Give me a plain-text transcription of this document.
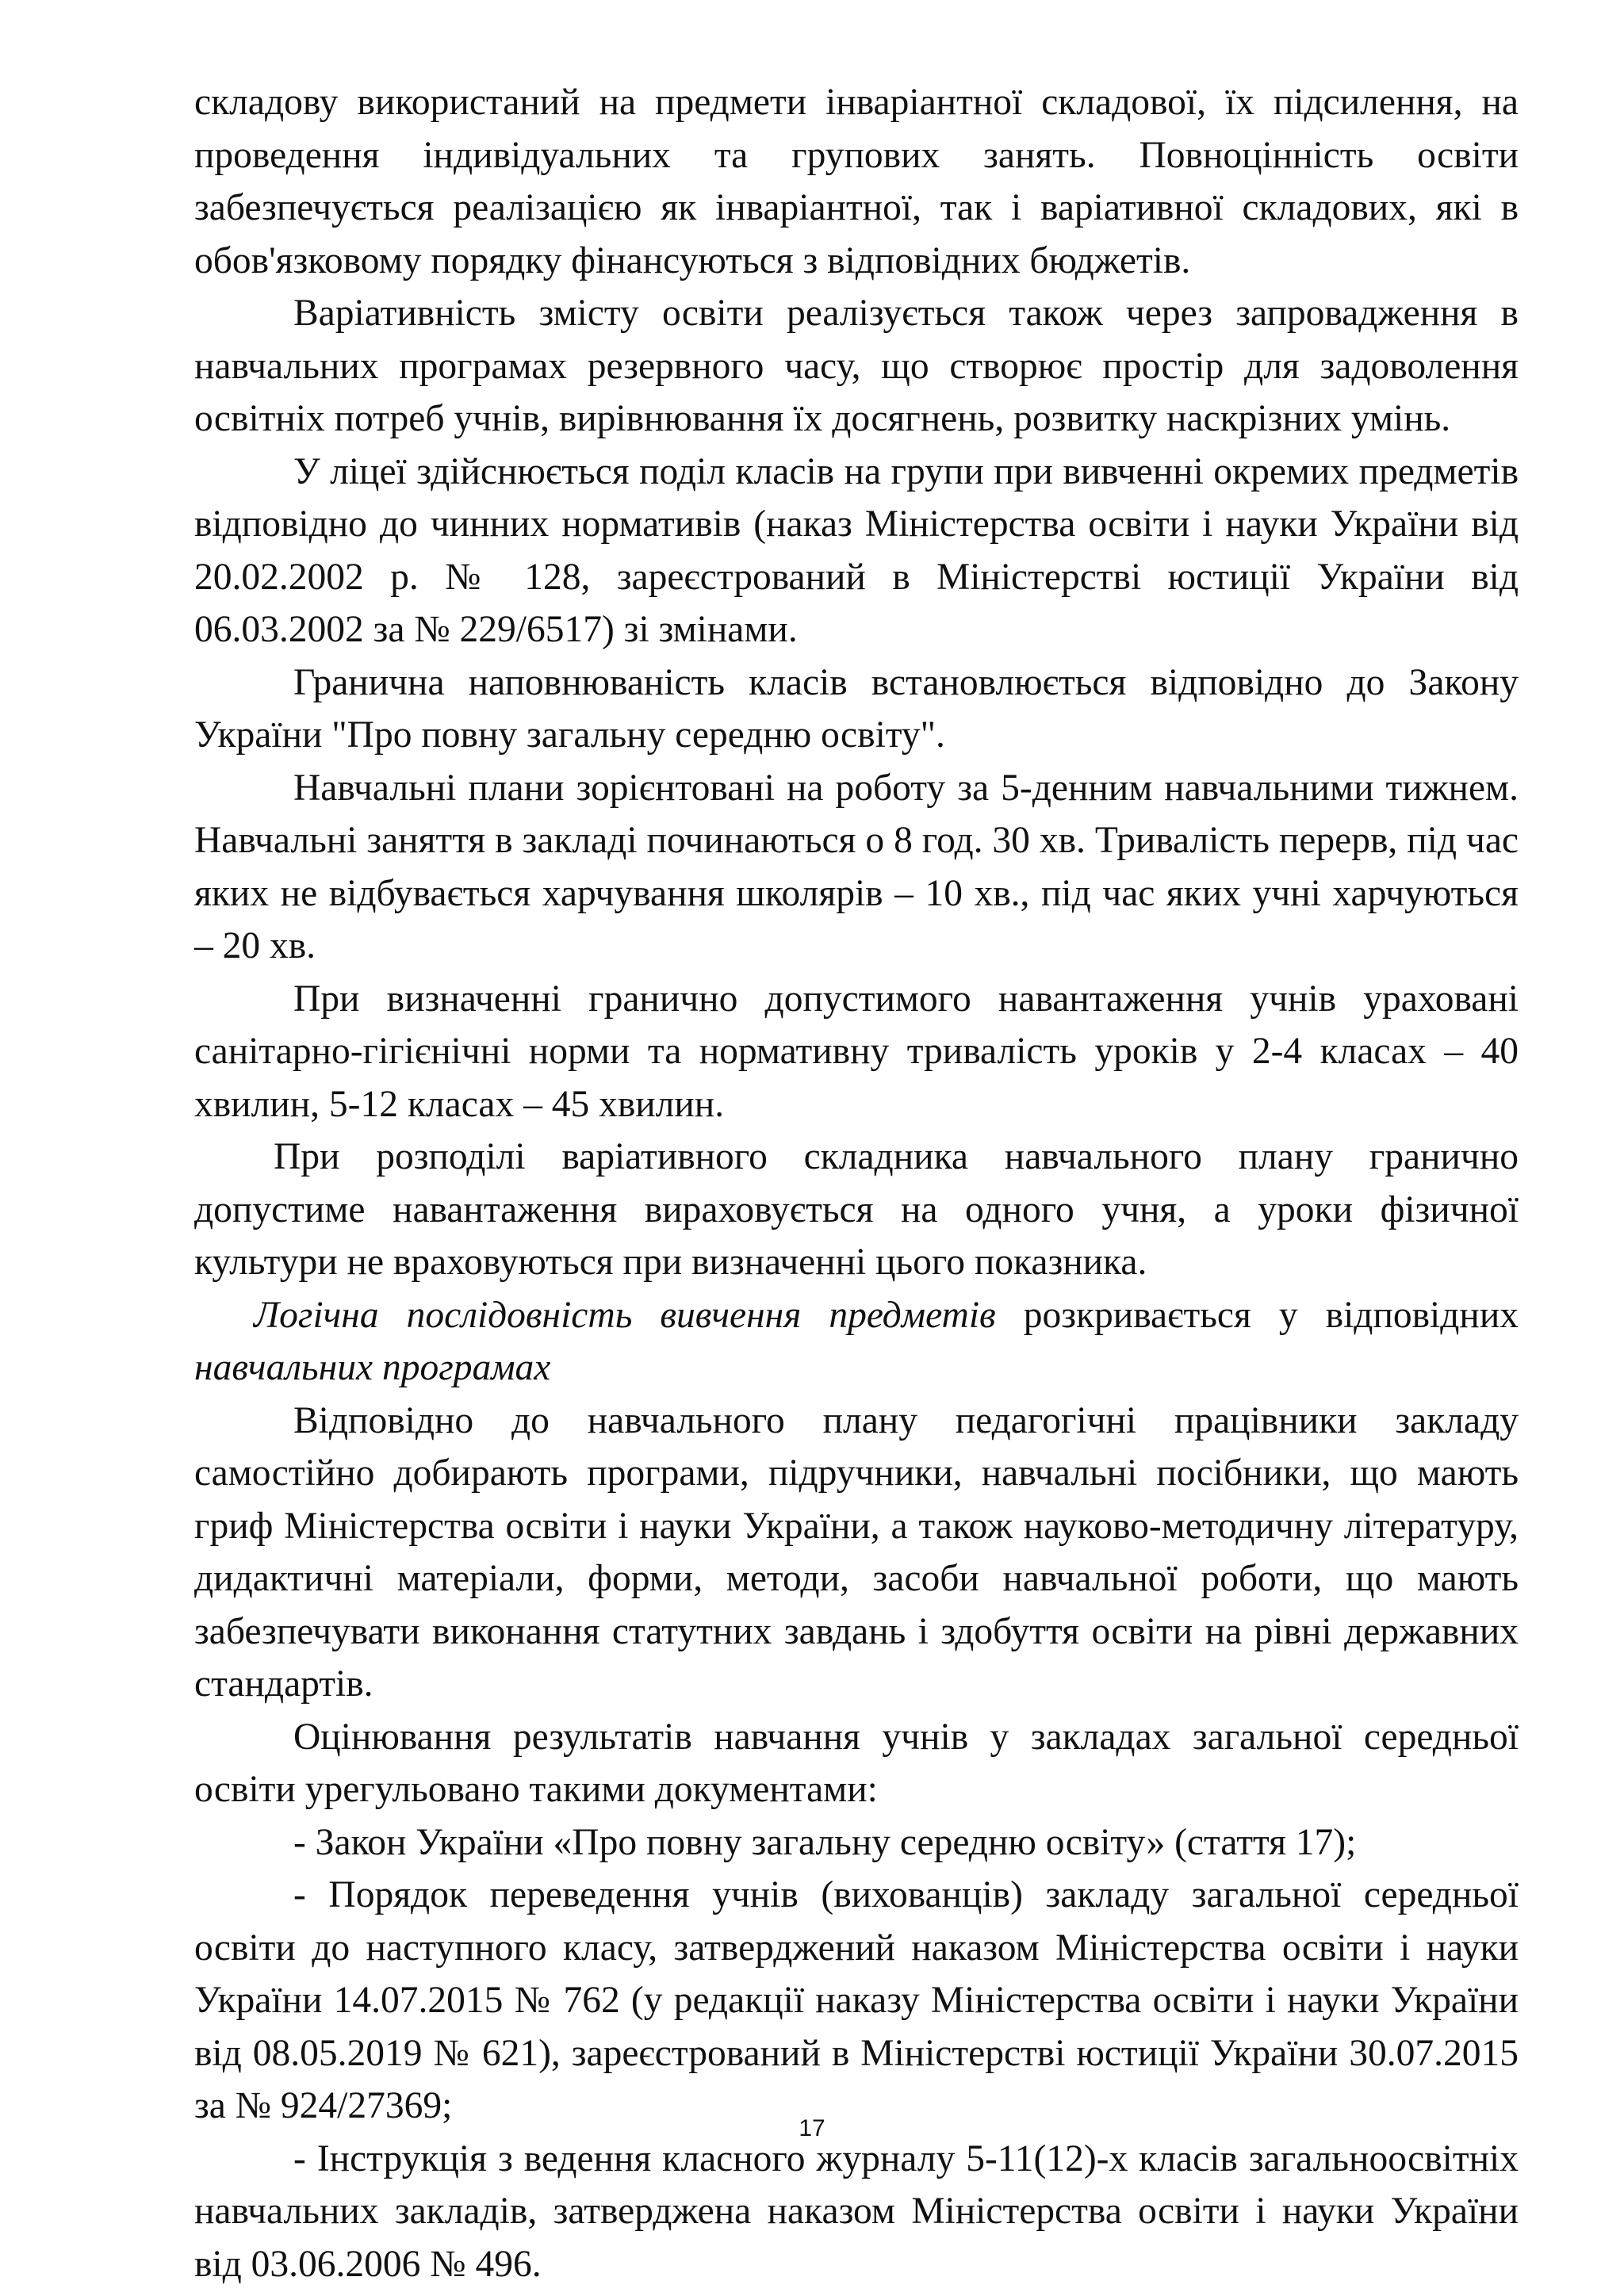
складову використаний на предмети інваріантної складової, їх підсилення, на проведення індивідуальних та групових занять. Повноцінність освіти забезпечується реалізацією як інваріантної, так і варіативної складових, які в обов'язковому порядку фінансуються з відповідних бюджетів.

Варіативність змісту освіти реалізується також через запровадження в навчальних програмах резервного часу, що створює простір для задоволення освітніх потреб учнів, вирівнювання їх досягнень, розвитку наскрізних умінь.

У ліцеї здійснюється поділ класів на групи при вивченні окремих предметів відповідно до чинних нормативів (наказ Міністерства освіти і науки України від 20.02.2002 р. № 128, зареєстрований в Міністерстві юстиції України від 06.03.2002 за № 229/6517) зі змінами.

Гранична наповнюваність класів встановлюється відповідно до Закону України "Про повну загальну середню освіту".

Навчальні плани зорієнтовані на роботу за 5-денним навчальними тижнем. Навчальні заняття в закладі починаються о 8 год. 30 хв. Тривалість перерв, під час яких не відбувається харчування школярів – 10 хв., під час яких учні харчуються – 20 хв.

При визначенні гранично допустимого навантаження учнів ураховані санітарно-гігієнічні норми та нормативну тривалість уроків у 2-4 класах – 40 хвилин, 5-12 класах – 45 хвилин.

При розподілі варіативного складника навчального плану гранично допустиме навантаження вираховується на одного учня, а уроки фізичної культури не враховуються при визначенні цього показника.

Логічна послідовність вивчення предметів розкривається у відповідних навчальних програмах

Відповідно до навчального плану педагогічні працівники закладу самостійно добирають програми, підручники, навчальні посібники, що мають гриф Міністерства освіти і науки України, а також науково-методичну літературу, дидактичні матеріали, форми, методи, засоби навчальної роботи, що мають забезпечувати виконання статутних завдань і здобуття освіти на рівні державних стандартів.

Оцінювання результатів навчання учнів у закладах загальної середньої освіти урегульовано такими документами:

- Закон України «Про повну загальну середню освіту» (стаття 17);

- Порядок переведення учнів (вихованців) закладу загальної середньої освіти до наступного класу, затверджений наказом Міністерства освіти і науки України 14.07.2015 № 762 (у редакції наказу Міністерства освіти і науки України від 08.05.2019 № 621), зареєстрований в Міністерстві юстиції України 30.07.2015 за № 924/27369;

- Інструкція з ведення класного журналу 5-11(12)-х класів загальноосвітніх навчальних закладів, затверджена наказом Міністерства освіти і науки України від 03.06.2006 № 496.

17
